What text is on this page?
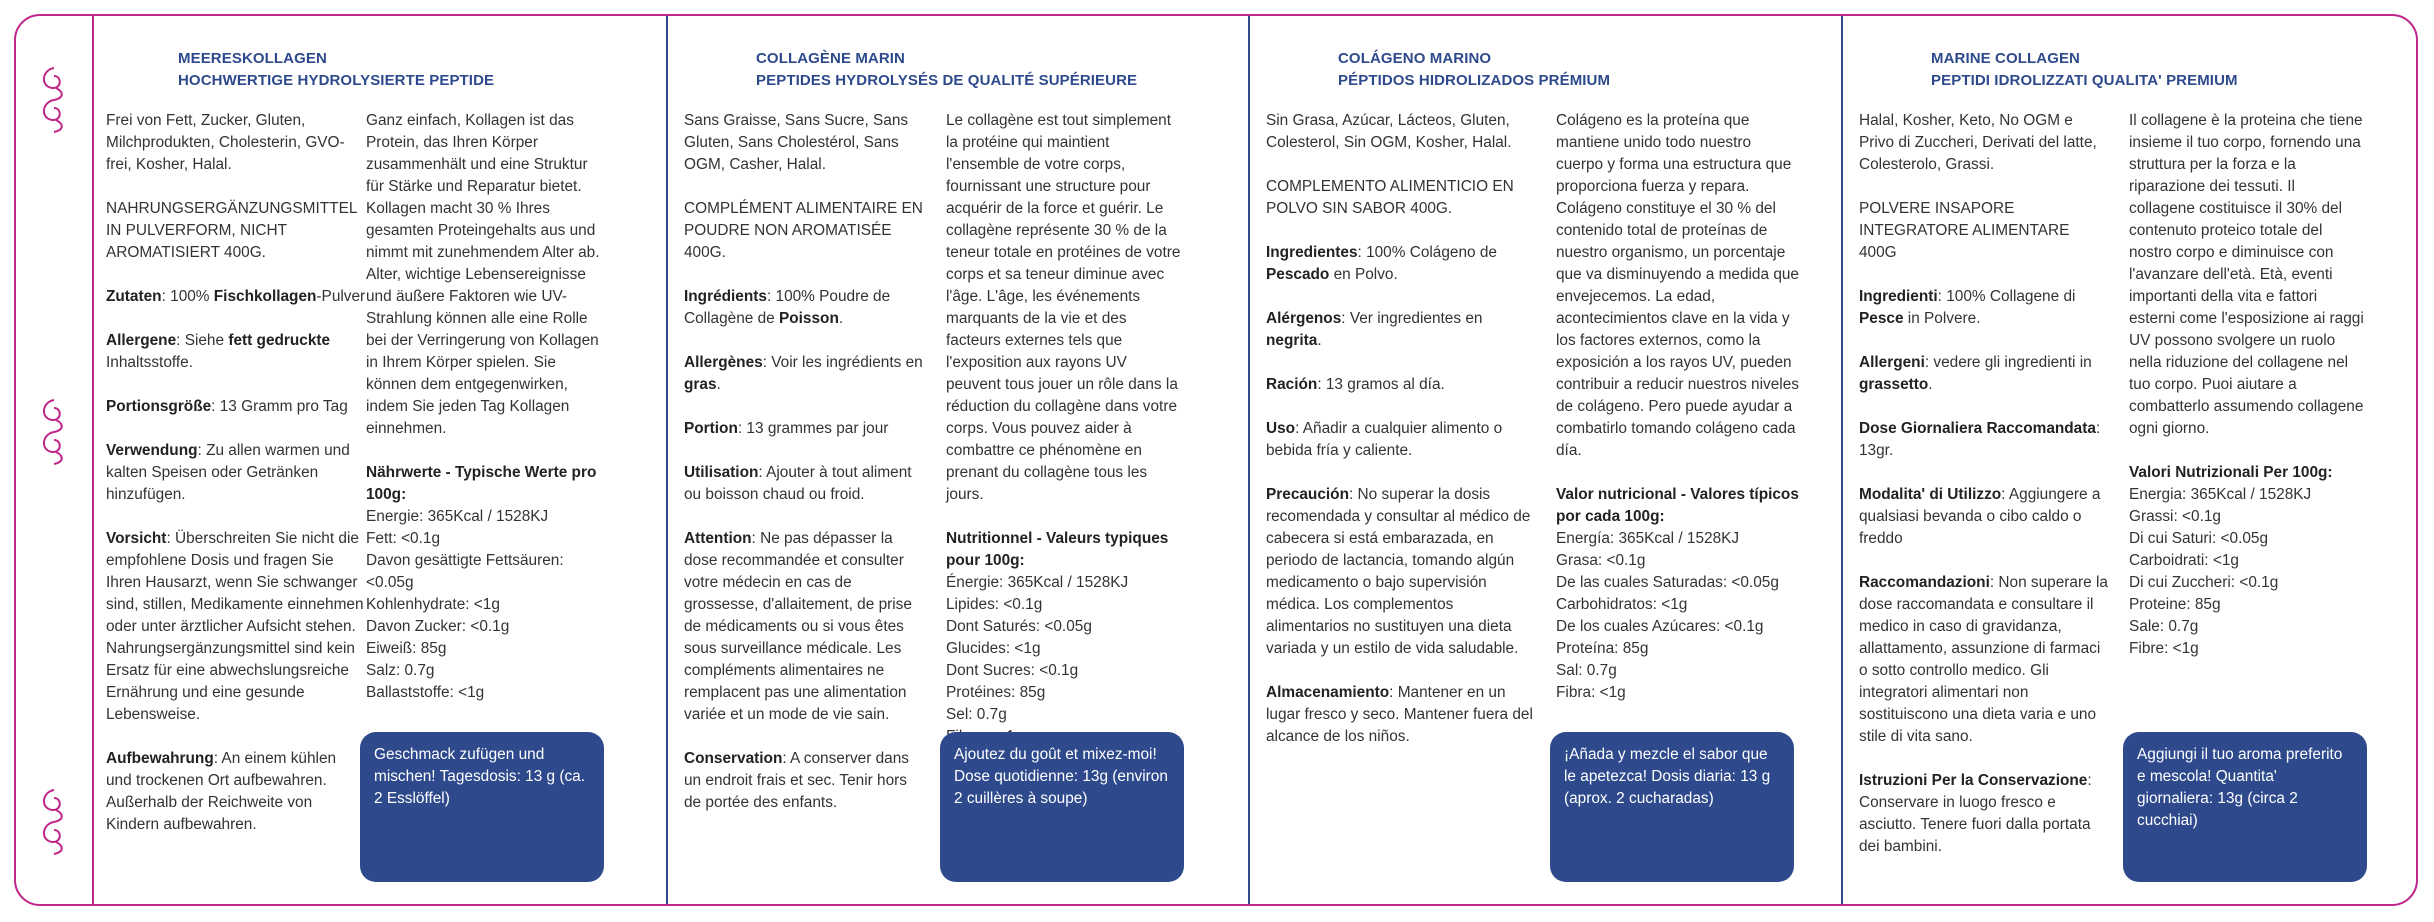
MEERESKOLLAGEN
HOCHWERTIGE HYDROLYSIERTE PEPTIDE

Frei von Fett, Zucker, Gluten, Milchprodukten, Cholesterin, GVO-frei, Kosher, Halal.

NAHRUNGSERGÄNZUNGSMITTEL IN PULVERFORM, NICHT AROMATISIERT 400G.

Zutaten: 100% Fischkollagen-Pulver

Allergene: Siehe fett gedruckte Inhaltsstoffe.

Portionsgröße: 13 Gramm pro Tag

Verwendung: Zu allen warmen und kalten Speisen oder Getränken hinzufügen.

Vorsicht: Überschreiten Sie nicht die empfohlene Dosis und fragen Sie Ihren Hausarzt, wenn Sie schwanger sind, stillen, Medikamente einnehmen oder unter ärztlicher Aufsicht stehen. Nahrungsergänzungsmittel sind kein Ersatz für eine abwechslungsreiche Ernährung und eine gesunde Lebensweise.

Aufbewahrung: An einem kühlen und trockenen Ort aufbewahren. Außerhalb der Reichweite von Kindern aufbewahren.

Ganz einfach, Kollagen ist das Protein, das Ihren Körper zusammenhält und eine Struktur für Stärke und Reparatur bietet. Kollagen macht 30 % Ihres gesamten Proteingehalts aus und nimmt mit zunehmendem Alter ab. Alter, wichtige Lebensereignisse und äußere Faktoren wie UV-Strahlung können alle eine Rolle bei der Verringerung von Kollagen in Ihrem Körper spielen. Sie können dem entgegenwirken, indem Sie jeden Tag Kollagen einnehmen.

Nährwerte - Typische Werte pro 100g:
Energie: 365Kcal / 1528KJ
Fett: <0.1g
Davon gesättigte Fettsäuren: <0.05g
Kohlenhydrate: <1g
Davon Zucker: <0.1g
Eiweiß: 85g
Salz: 0.7g
Ballaststoffe: <1g
Geschmack zufügen und mischen! Tagesdosis: 13 g (ca. 2 Esslöffel)
COLLAGÈNE MARIN
PEPTIDES HYDROLYSÉS DE QUALITÉ SUPÉRIEURE

Sans Graisse, Sans Sucre, Sans Gluten, Sans Cholestérol, Sans OGM, Casher, Halal.

COMPLÉMENT ALIMENTAIRE EN POUDRE NON AROMATISÉE 400G.

Ingrédients: 100% Poudre de Collagène de Poisson.

Allergènes: Voir les ingrédients en gras.

Portion: 13 grammes par jour

Utilisation: Ajouter à tout aliment ou boisson chaud ou froid.

Attention: Ne pas dépasser la dose recommandée et consulter votre médecin en cas de grossesse, d'allaitement, de prise de médicaments ou si vous êtes sous surveillance médicale. Les compléments alimentaires ne remplacent pas une alimentation variée et un mode de vie sain.

Conservation: A conserver dans un endroit frais et sec. Tenir hors de portée des enfants.

Le collagène est tout simplement la protéine qui maintient l'ensemble de votre corps, fournissant une structure pour acquérir de la force et guérir. Le collagène représente 30 % de la teneur totale en protéines de votre corps et sa teneur diminue avec l'âge. L'âge, les événements marquants de la vie et des facteurs externes tels que l'exposition aux rayons UV peuvent tous jouer un rôle dans la réduction du collagène dans votre corps. Vous pouvez aider à combattre ce phénomène en prenant du collagène tous les jours.

Nutritionnel - Valeurs typiques pour 100g:
Énergie: 365Kcal / 1528KJ
Lipides: <0.1g
Dont Saturés: <0.05g
Glucides: <1g
Dont Sucres: <0.1g
Protéines: 85g
Sel: 0.7g
Ajoutez du goût et mixez-moi! Dose quotidienne: 13g (environ 2 cuillères à soupe)
COLÁGENO MARINO
PÉPTIDOS HIDROLIZADOS PRÉMIUM

Sin Grasa, Azúcar, Lácteos, Gluten, Colesterol, Sin OGM, Kosher, Halal.

COMPLEMENTO ALIMENTICIO EN POLVO SIN SABOR 400G.

Ingredientes: 100% Colágeno de Pescado en Polvo.

Alérgenos: Ver ingredientes en negrita.

Ración: 13 gramos al día.

Uso: Añadir a cualquier alimento o bebida fría y caliente.

Precaución: No superar la dosis recomendada y consultar al médico de cabecera si está embarazada, en periodo de lactancia, tomando algún medicamento o bajo supervisión médica. Los complementos alimentarios no sustituyen una dieta variada y un estilo de vida saludable.

Almacenamiento: Mantener en un lugar fresco y seco. Mantener fuera del alcance de los niños.

Colágeno es la proteína que mantiene unido todo nuestro cuerpo y forma una estructura que proporciona fuerza y repara. Colágeno constituye el 30 % del contenido total de proteínas de nuestro organismo, un porcentaje que va disminuyendo a medida que envejecemos. La edad, acontecimientos clave en la vida y los factores externos, como la exposición a los rayos UV, pueden contribuir a reducir nuestros niveles de colágeno. Pero puede ayudar a combatirlo tomando colágeno cada día.

Valor nutricional - Valores típicos por cada 100g:
Energía: 365Kcal / 1528KJ
Grasa: <0.1g
De las cuales Saturadas: <0.05g
Carbohidratos: <1g
De los cuales Azúcares: <0.1g
Proteína: 85g
Sal: 0.7g
Fibra: <1g
¡Añada y mezcle el sabor que le apetezca! Dosis diaria: 13 g (aprox. 2 cucharadas)
MARINE COLLAGEN
PEPTIDI IDROLIZZATI QUALITA' PREMIUM

Halal, Kosher, Keto, No OGM e Privo di Zuccheri, Derivati del latte, Colesterolo, Grassi.

POLVERE INSAPORE INTEGRATORE ALIMENTARE 400G

Ingredienti: 100% Collagene di Pesce in Polvere.

Allergeni: vedere gli ingredienti in grassetto.

Dose Giornaliera Raccomandata: 13gr.

Modalita' di Utilizzo: Aggiungere a qualsiasi bevanda o cibo caldo o freddo

Raccomandazioni: Non superare la dose raccomandata e consultare il medico in caso di gravidanza, allattamento, assunzione di farmaci o sotto controllo medico. Gli integratori alimentari non sostituiscono una dieta varia e uno stile di vita sano.

Istruzioni Per la Conservazione: Conservare in luogo fresco e asciutto. Tenere fuori dalla portata dei bambini.

Il collagene è la proteina che tiene insieme il tuo corpo, fornendo una struttura per la forza e la riparazione dei tessuti. Il collagene costituisce il 30% del contenuto proteico totale del nostro corpo e diminuisce con l'avanzare dell'età. Età, eventi importanti della vita e fattori esterni come l'esposizione ai raggi UV possono svolgere un ruolo nella riduzione del collagene nel tuo corpo. Puoi aiutare a combatterlo assumendo collagene ogni giorno.

Valori Nutrizionali Per 100g:
Energia: 365Kcal / 1528KJ
Grassi: <0.1g
Di cui Saturi: <0.05g
Carboidrati: <1g
Di cui Zuccheri: <0.1g
Proteine: 85g
Sale: 0.7g
Fibre: <1g
Aggiungi il tuo aroma preferito e mescola! Quantita' giornaliera: 13g (circa 2 cucchiai)
